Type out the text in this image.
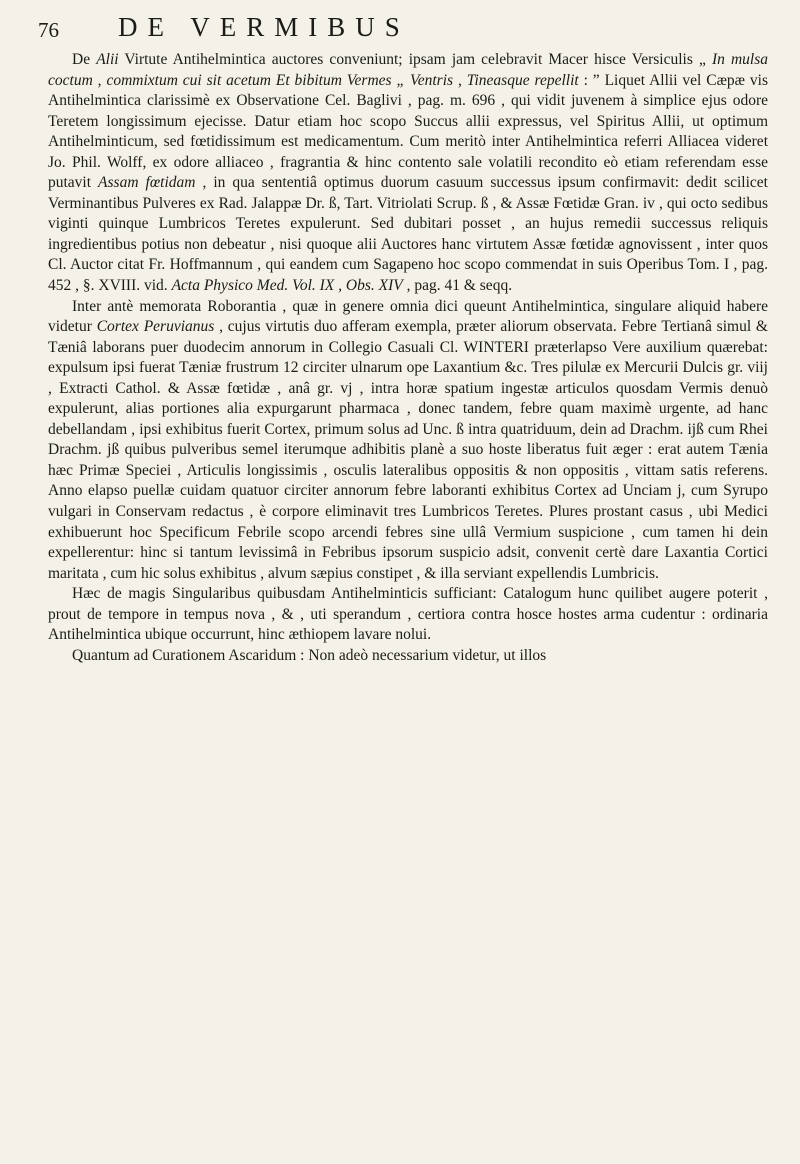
76 DE VERMIBUS

De Alii Virtute Antihelmintica auctores conveniunt; ipsam jam celebravit Macer hisce Versiculis „ In mulsa coctum , commixtum cui sit acetum Et bibitum Vermes „ Ventris , Tineasque repellit : ” Liquet Allii vel Cæpæ vis Antihelmintica clarissimè ex Observatione Cel. Baglivi , pag. m. 696 , qui vidit juvenem à simplice ejus odore Teretem longissimum ejecisse. Datur etiam hoc scopo Succus allii expressus, vel Spiritus Allii, ut optimum Antihelminticum, sed fœtidissimum est medicamentum. Cum meritò inter Antihelmintica referri Alliacea videret Jo. Phil. Wolff, ex odore alliaceo , fragrantia & hinc contento sale volatili recondito eò etiam referendam esse putavit Assam fœtidam , in qua sententiâ optimus duorum casuum successus ipsum confirmavit: dedit scilicet Verminantibus Pulveres ex Rad. Jalappæ Dr. ß, Tart. Vitriolati Scrup. ß , & Assæ Fœtidæ Gran. iv , qui octo sedibus viginti quinque Lumbricos Teretes expulerunt. Sed dubitari posset , an hujus remedii successus reliquis ingredientibus potius non debeatur , nisi quoque alii Auctores hanc virtutem Assæ fœtidæ agnovissent , inter quos Cl. Auctor citat Fr. Hoffmannum , qui eandem cum Sagapeno hoc scopo commendat in suis Operibus Tom. I , pag. 452 , §. XVIII. vid. Acta Physico Med. Vol. IX , Obs. XIV , pag. 41 & seqq.

Inter antè memorata Roborantia , quæ in genere omnia dici queunt Antihelmintica, singulare aliquid habere videtur Cortex Peruvianus , cujus virtutis duo afferam exempla, præter aliorum observata. Febre Tertianâ simul & Tæniâ laborans puer duodecim annorum in Collegio Casuali Cl. WINTERI præterlapso Vere auxilium quærebat: expulsum ipsi fuerat Tæniæ frustrum 12 circiter ulnarum ope Laxantium &c. Tres pilulæ ex Mercurii Dulcis gr. viij , Extracti Cathol. & Assæ fœtidæ , anâ gr. vj , intra horæ spatium ingestæ articulos quosdam Vermis denuò expulerunt, alias portiones alia expurgarunt pharmaca , donec tandem, febre quam maximè urgente, ad hanc debellandam , ipsi exhibitus fuerit Cortex, primum solus ad Unc. ß intra quatriduum, dein ad Drachm. ijß cum Rhei Drachm. jß quibus pulveribus semel iterumque adhibitis planè a suo hoste liberatus fuit æger : erat autem Tænia hæc Primæ Speciei , Articulis longissimis , osculis lateralibus oppositis & non oppositis , vittam satis referens. Anno elapso puellæ cuidam quatuor circiter annorum febre laboranti exhibitus Cortex ad Unciam j, cum Syrupo vulgari in Conservam redactus , è corpore eliminavit tres Lumbricos Teretes. Plures prostant casus , ubi Medici exhibuerunt hoc Specificum Febrile scopo arcendi febres sine ullâ Vermium suspicione , cum tamen hi dein expellerentur: hinc si tantum levissimâ in Febribus ipsorum suspicio adsit, convenit certè dare Laxantia Cortici maritata , cum hic solus exhibitus , alvum sæpius constipet , & illa serviant expellendis Lumbricis.

Hæc de magis Singularibus quibusdam Antihelminticis sufficiant: Catalogum hunc quilibet augere poterit , prout de tempore in tempus nova , & , uti sperandum , certiora contra hosce hostes arma cudentur : ordinaria Antihelmintica ubique occurrunt, hinc æthiopem lavare nolui.

Quantum ad Curationem Ascaridum : Non adeò necessarium videtur, ut illos
